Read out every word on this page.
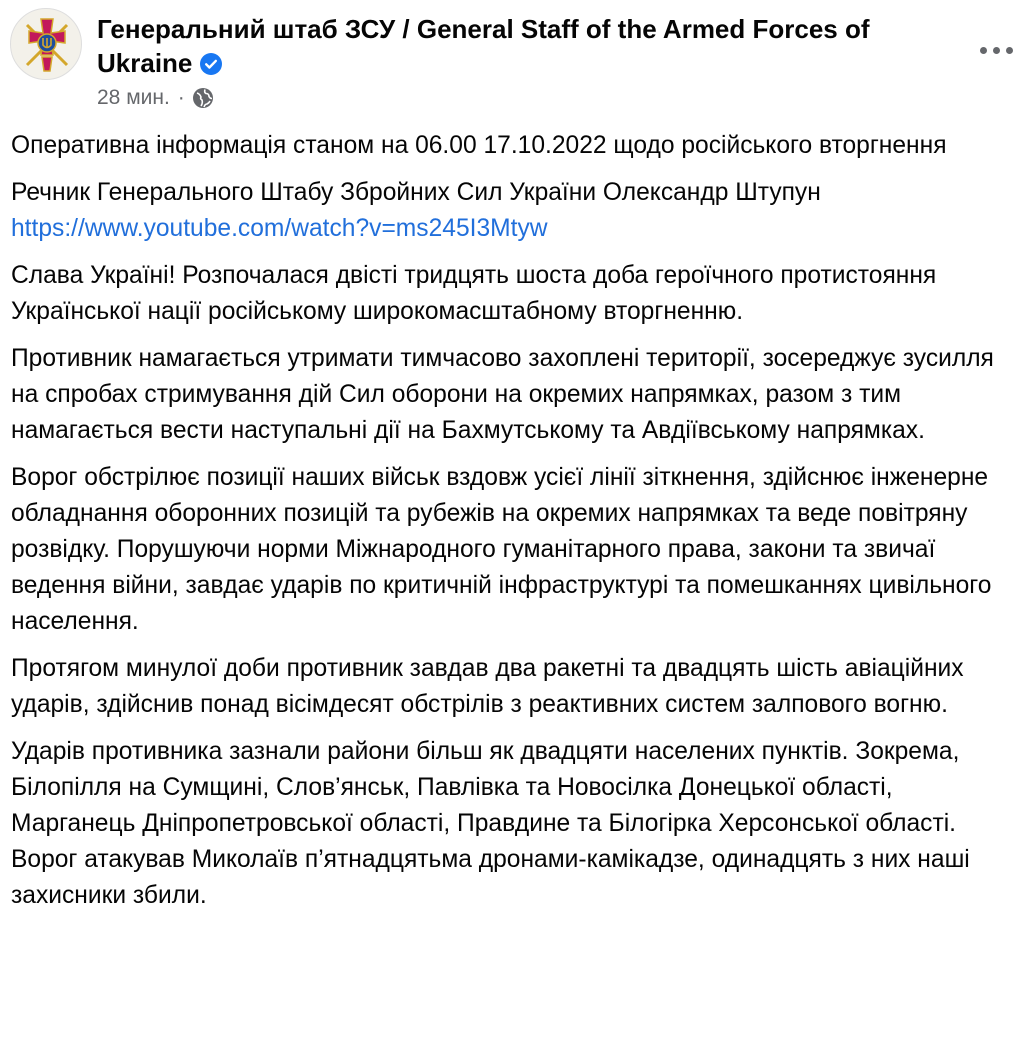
Генеральний штаб ЗСУ / General Staff of the Armed Forces of Ukraine
28 мин. ·

Оперативна інформація станом на 06.00 17.10.2022 щодо російського вторгнення

Речник Генерального Штабу Збройних Сил України Олександр Штупун
https://www.youtube.com/watch?v=ms245I3Mtyw

Слава Україні! Розпочалася двісті тридцять шоста доба героїчного протистояння Української нації російському широкомасштабному вторгненню.

Противник намагається утримати тимчасово захоплені території, зосереджує зусилля на спробах стримування дій Сил оборони на окремих напрямках, разом з тим намагається вести наступальні дії на Бахмутському та Авдіївському напрямках.

Ворог обстрілює позиції наших військ вздовж усієї лінії зіткнення, здійснює інженерне обладнання оборонних позицій та рубежів на окремих напрямках та веде повітряну розвідку. Порушуючи норми Міжнародного гуманітарного права, закони та звичаї ведення війни, завдає ударів по критичній інфраструктурі та помешканнях цивільного населення.

Протягом минулої доби противник завдав два ракетні та двадцять шість авіаційних ударів, здійснив понад вісімдесят обстрілів з реактивних систем залпового вогню.

Ударів противника зазнали райони більш як двадцяти населених пунктів. Зокрема, Білопілля на Сумщині, Слов’янськ, Павлівка та Новосілка Донецької області, Марганець Дніпропетровської області, Правдине та Білогірка Херсонської області. Ворог атакував Миколаїв п’ятнадцятьма дронами-камікадзе, одинадцять з них наші захисники збили.
